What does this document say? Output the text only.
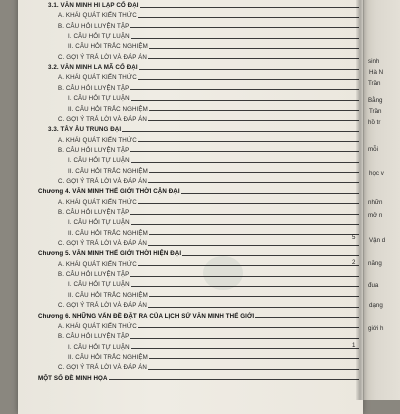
3.1. VĂN MINH HI LẠP CỔ ĐẠI
A. KHÁI QUÁT KIẾN THỨC
B. CÂU HỎI LUYỆN TẬP
I. CÂU HỎI TỰ LUẬN
II. CÂU HỎI TRẮC NGHIỆM
C. GỢI Ý TRẢ LỜI VÀ ĐÁP ÁN
3.2. VĂN MINH LA MÃ CỔ ĐẠI
A. KHÁI QUÁT KIẾN THỨC
B. CÂU HỎI LUYỆN TẬP
I. CÂU HỎI TỰ LUẬN
II. CÂU HỎI TRẮC NGHIỆM
C. GỢI Ý TRẢ LỜI VÀ ĐÁP ÁN
3.3. TÂY ÂU TRUNG ĐẠI
A. KHÁI QUÁT KIẾN THỨC
B. CÂU HỎI LUYỆN TẬP
I. CÂU HỎI TỰ LUẬN
II. CÂU HỎI TRẮC NGHIỆM
C. GỢI Ý TRẢ LỜI VÀ ĐÁP ÁN
Chương 4. VĂN MINH THẾ GIỚI THỜI CẬN ĐẠI
A. KHÁI QUÁT KIẾN THỨC
B. CÂU HỎI LUYỆN TẬP
I. CÂU HỎI TỰ LUẬN
II. CÂU HỎI TRẮC NGHIỆM
C. GỢI Ý TRẢ LỜI VÀ ĐÁP ÁN
Chương 5. VĂN MINH THẾ GIỚI THỜI HIỆN ĐẠI
A. KHÁI QUÁT KIẾN THỨC
B. CÂU HỎI LUYỆN TẬP
I. CÂU HỎI TỰ LUẬN
II. CÂU HỎI TRẮC NGHIỆM
C. GỢI Ý TRẢ LỜI VÀ ĐÁP ÁN
Chương 6. NHỮNG VẤN ĐỀ ĐẶT RA CỦA LỊCH SỬ VĂN MINH THẾ GIỚI
A. KHÁI QUÁT KIẾN THỨC
B. CÂU HỎI LUYỆN TẬP
I. CÂU HỎI TỰ LUẬN
II. CÂU HỎI TRẮC NGHIỆM
C. GỢI Ý TRẢ LỜI VÀ ĐÁP ÁN
MỘT SỐ ĐỀ MINH HỌA
sinh
Hà N
Trần
Bằng
Trần
hồ tr
mỗi
học v
nhữn
mở n
Vận d
năng
đua
dạng
giới h
5
2
1
